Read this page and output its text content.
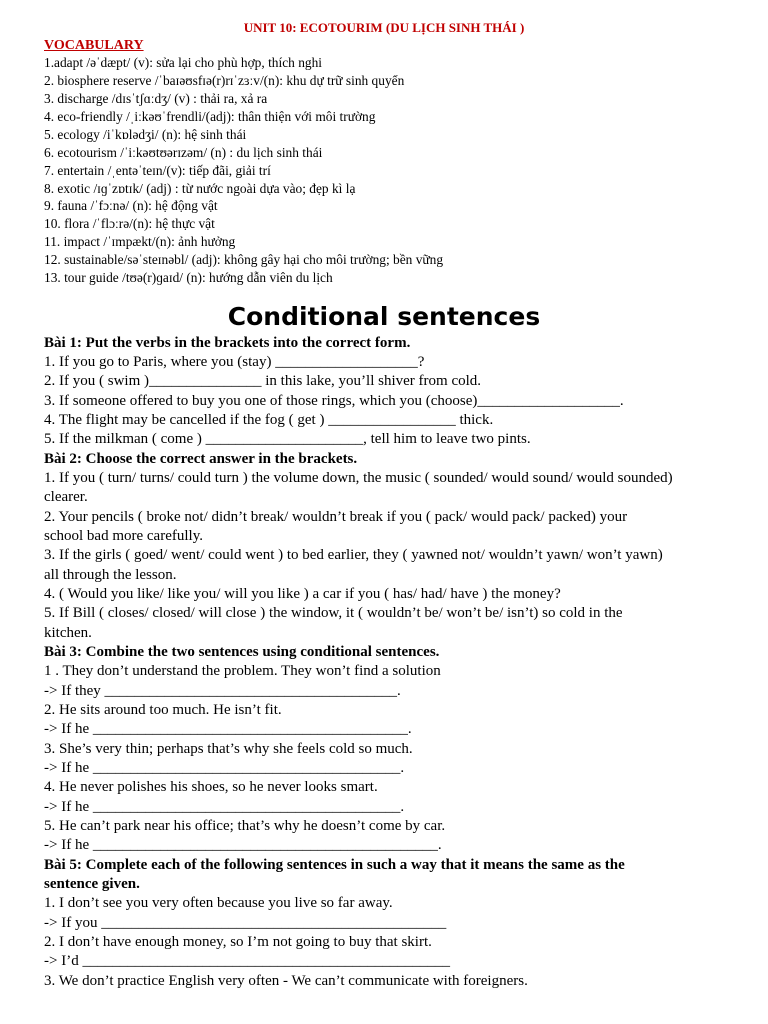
UNIT 10: ECOTOURIM (DU LỊCH SINH THÁI )
VOCABULARY
1.adapt /əˈdæpt/ (v): sửa lại cho phù hợp, thích nghi
2. biosphere reserve /ˈbaɪəʊsfɪə(r)rɪˈzɜːv/(n): khu dự trữ sinh quyển
3. discharge /dɪsˈtʃɑːdʒ/ (v) : thải ra, xả ra
4. eco-friendly /ˌiːkəʊˈfrendli/(adj): thân thiện với môi trường
5. ecology /iˈkɒlədʒi/ (n): hệ sinh thái
6. ecotourism /ˈiːkəʊtʊərɪzəm/ (n) : du lịch sinh thái
7. entertain /ˌentəˈteɪn/(v): tiếp đãi, giải trí
8. exotic /ɪɡˈzɒtɪk/ (adj) : từ nước ngoài dựa vào; đẹp kì lạ
9. fauna /ˈfɔːnə/ (n): hệ động vật
10. flora /ˈflɔːrə/(n): hệ thực vật
11. impact /ˈɪmpækt/(n): ảnh hưởng
12. sustainable/səˈsteɪnəbl/ (adj): không gây hại cho môi trường; bền vững
13. tour guide /tʊə(r)ɡaɪd/ (n): hướng dẫn viên du lịch
Conditional sentences
Bài 1: Put the verbs in the brackets into the correct form.
1. If you go to Paris, where you (stay) ___________________?
2. If you ( swim )_______________ in this lake, you’ll shiver from cold.
3. If someone offered to buy you one of those rings, which you (choose)___________________.
4. The flight may be cancelled if the fog ( get ) _________________ thick.
5. If the milkman ( come ) _____________________, tell him to leave two pints.
Bài 2: Choose the correct answer in the brackets.
1. If you ( turn/ turns/ could turn ) the volume down, the music ( sounded/ would sound/ would sounded)
clearer.
2. Your pencils ( broke not/ didn’t break/ wouldn’t break if you ( pack/ would pack/ packed) your
school bad more carefully.
3. If the girls ( goed/ went/ could went ) to bed earlier, they ( yawned not/ wouldn’t yawn/ won’t yawn)
all through the lesson.
4. ( Would you like/ like you/ will you like ) a car if you ( has/ had/ have ) the money?
5. If Bill ( closes/ closed/ will close ) the window, it ( wouldn’t be/ won’t be/ isn’t) so cold in the
kitchen.
Bài 3: Combine the two sentences using conditional sentences.
1 . They don’t understand the problem. They won’t find a solution
-> If they _______________________________________.
2. He sits around too much. He isn’t fit.
-> If he __________________________________________.
3. She’s very thin; perhaps that’s why she feels cold so much.
-> If he _________________________________________.
4. He never polishes his shoes, so he never looks smart.
-> If he _________________________________________.
5. He can’t park near his office; that’s why he doesn’t come by car.
-> If he ______________________________________________.
Bài 5: Complete each of the following sentences in such a way that it means the same as the
sentence given.
1. I don’t see you very often because you live so far away.
-> If you ______________________________________________
2. I don’t have enough money, so I’m not going to buy that skirt.
-> I’d _________________________________________________
3. We don’t practice English very often - We can’t communicate with foreigners.
